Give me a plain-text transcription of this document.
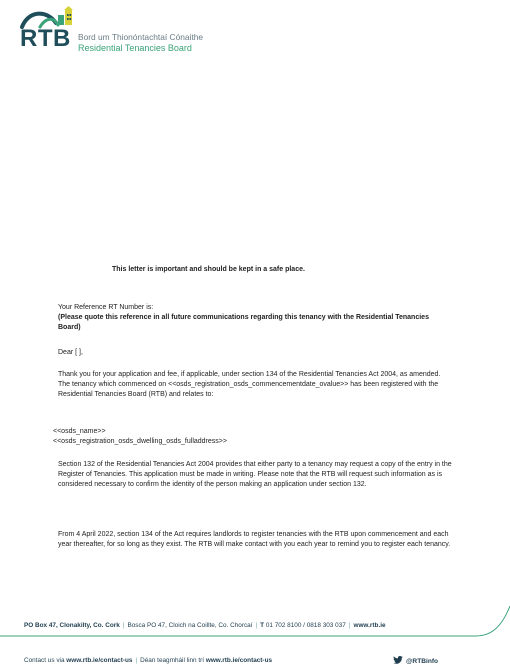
RTB Bord um Thionóntachtaí Cónaithe
Residential Tenancies Board
This letter is important and should be kept in a safe place.
Your Reference RT Number is:
(Please quote this reference in all future communications regarding this tenancy with the Residential Tenancies Board)
Dear [ ],
Thank you for your application and fee, if applicable, under section 134 of the Residential Tenancies Act 2004, as amended. The tenancy which commenced on <<osds_registration_osds_commencementdate_ovalue>> has been registered with the Residential Tenancies Board (RTB) and relates to:
<<osds_name>>
<<osds_registration_osds_dwelling_osds_fulladdress>>
Section 132 of the Residential Tenancies Act 2004 provides that either party to a tenancy may request a copy of the entry in the Register of Tenancies. This application must be made in writing. Please note that the RTB will request such information as is considered necessary to confirm the identity of the person making an application under section 132.
From 4 April 2022, section 134 of the Act requires landlords to register tenancies with the RTB upon commencement and each year thereafter, for so long as they exist. The RTB will make contact with you each year to remind you to register each tenancy.
PO Box 47, Clonakilty, Co. Cork | Bosca PO 47, Cloich na Coillte, Co. Chorcaí | T 01 702 8100 / 0818 303 037 | www.rtb.ie
Contact us via www.rtb.ie/contact-us | Déan teagmháil linn trí www.rtb.ie/contact-us	@RTBinfo
